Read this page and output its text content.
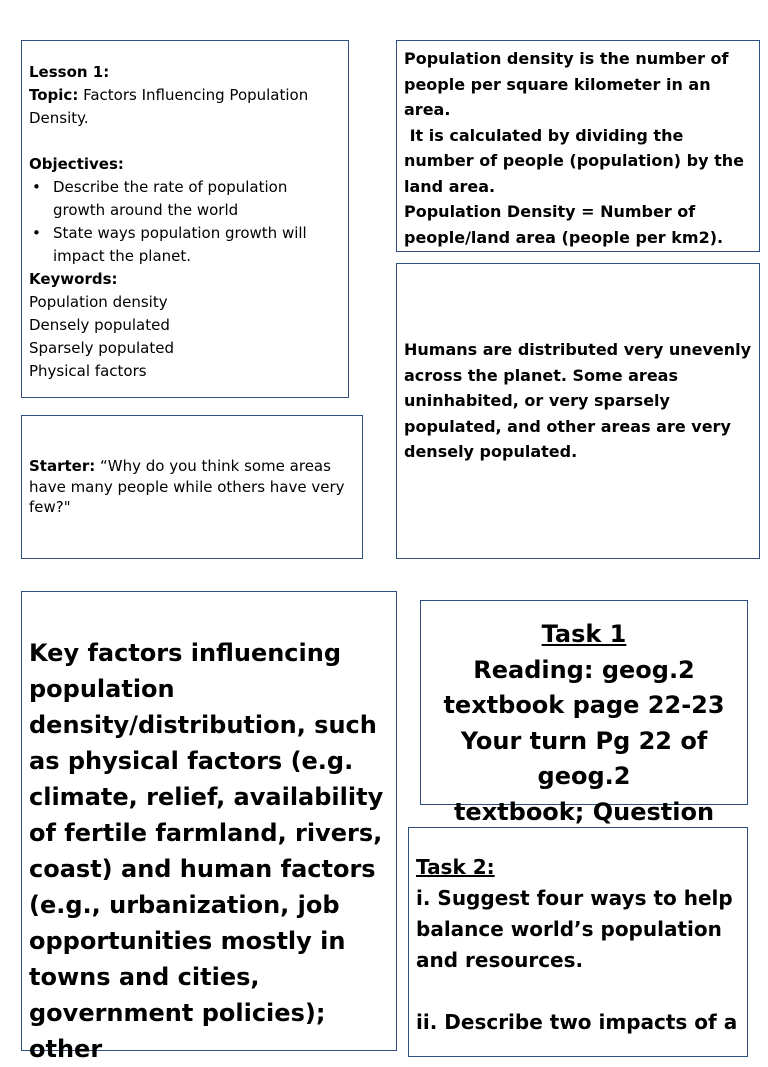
Lesson 1:
Topic: Factors Influencing Population Density.
Objectives:
• Describe the rate of population growth around the world
• State ways population growth will impact the planet.
Keywords:
Population density
Densely populated
Sparsely populated
Physical factors

Population density is the number of people per square kilometer in an area.

It is calculated by dividing the number of people (population) by the land area.

Population Density = Number of people/land area (people per km2).

Starter: “Why do you think some areas have many people while others have very few?"

Humans are distributed very unevenly across the planet. Some areas uninhabited, or very sparsely populated, and other areas are very densely populated.

Key factors influencing population density/distribution, such as physical factors (e.g. climate, relief, availability of fertile farmland, rivers, coast) and human factors (e.g., urbanization, job opportunities mostly in towns and cities, government policies); other

Task 1
Reading: geog.2
textbook page 22-23
Your turn Pg 22 of geog.2
textbook; Question
Task 2:

i. Suggest four ways to help balance world’s population and resources.

ii. Describe two impacts of a
